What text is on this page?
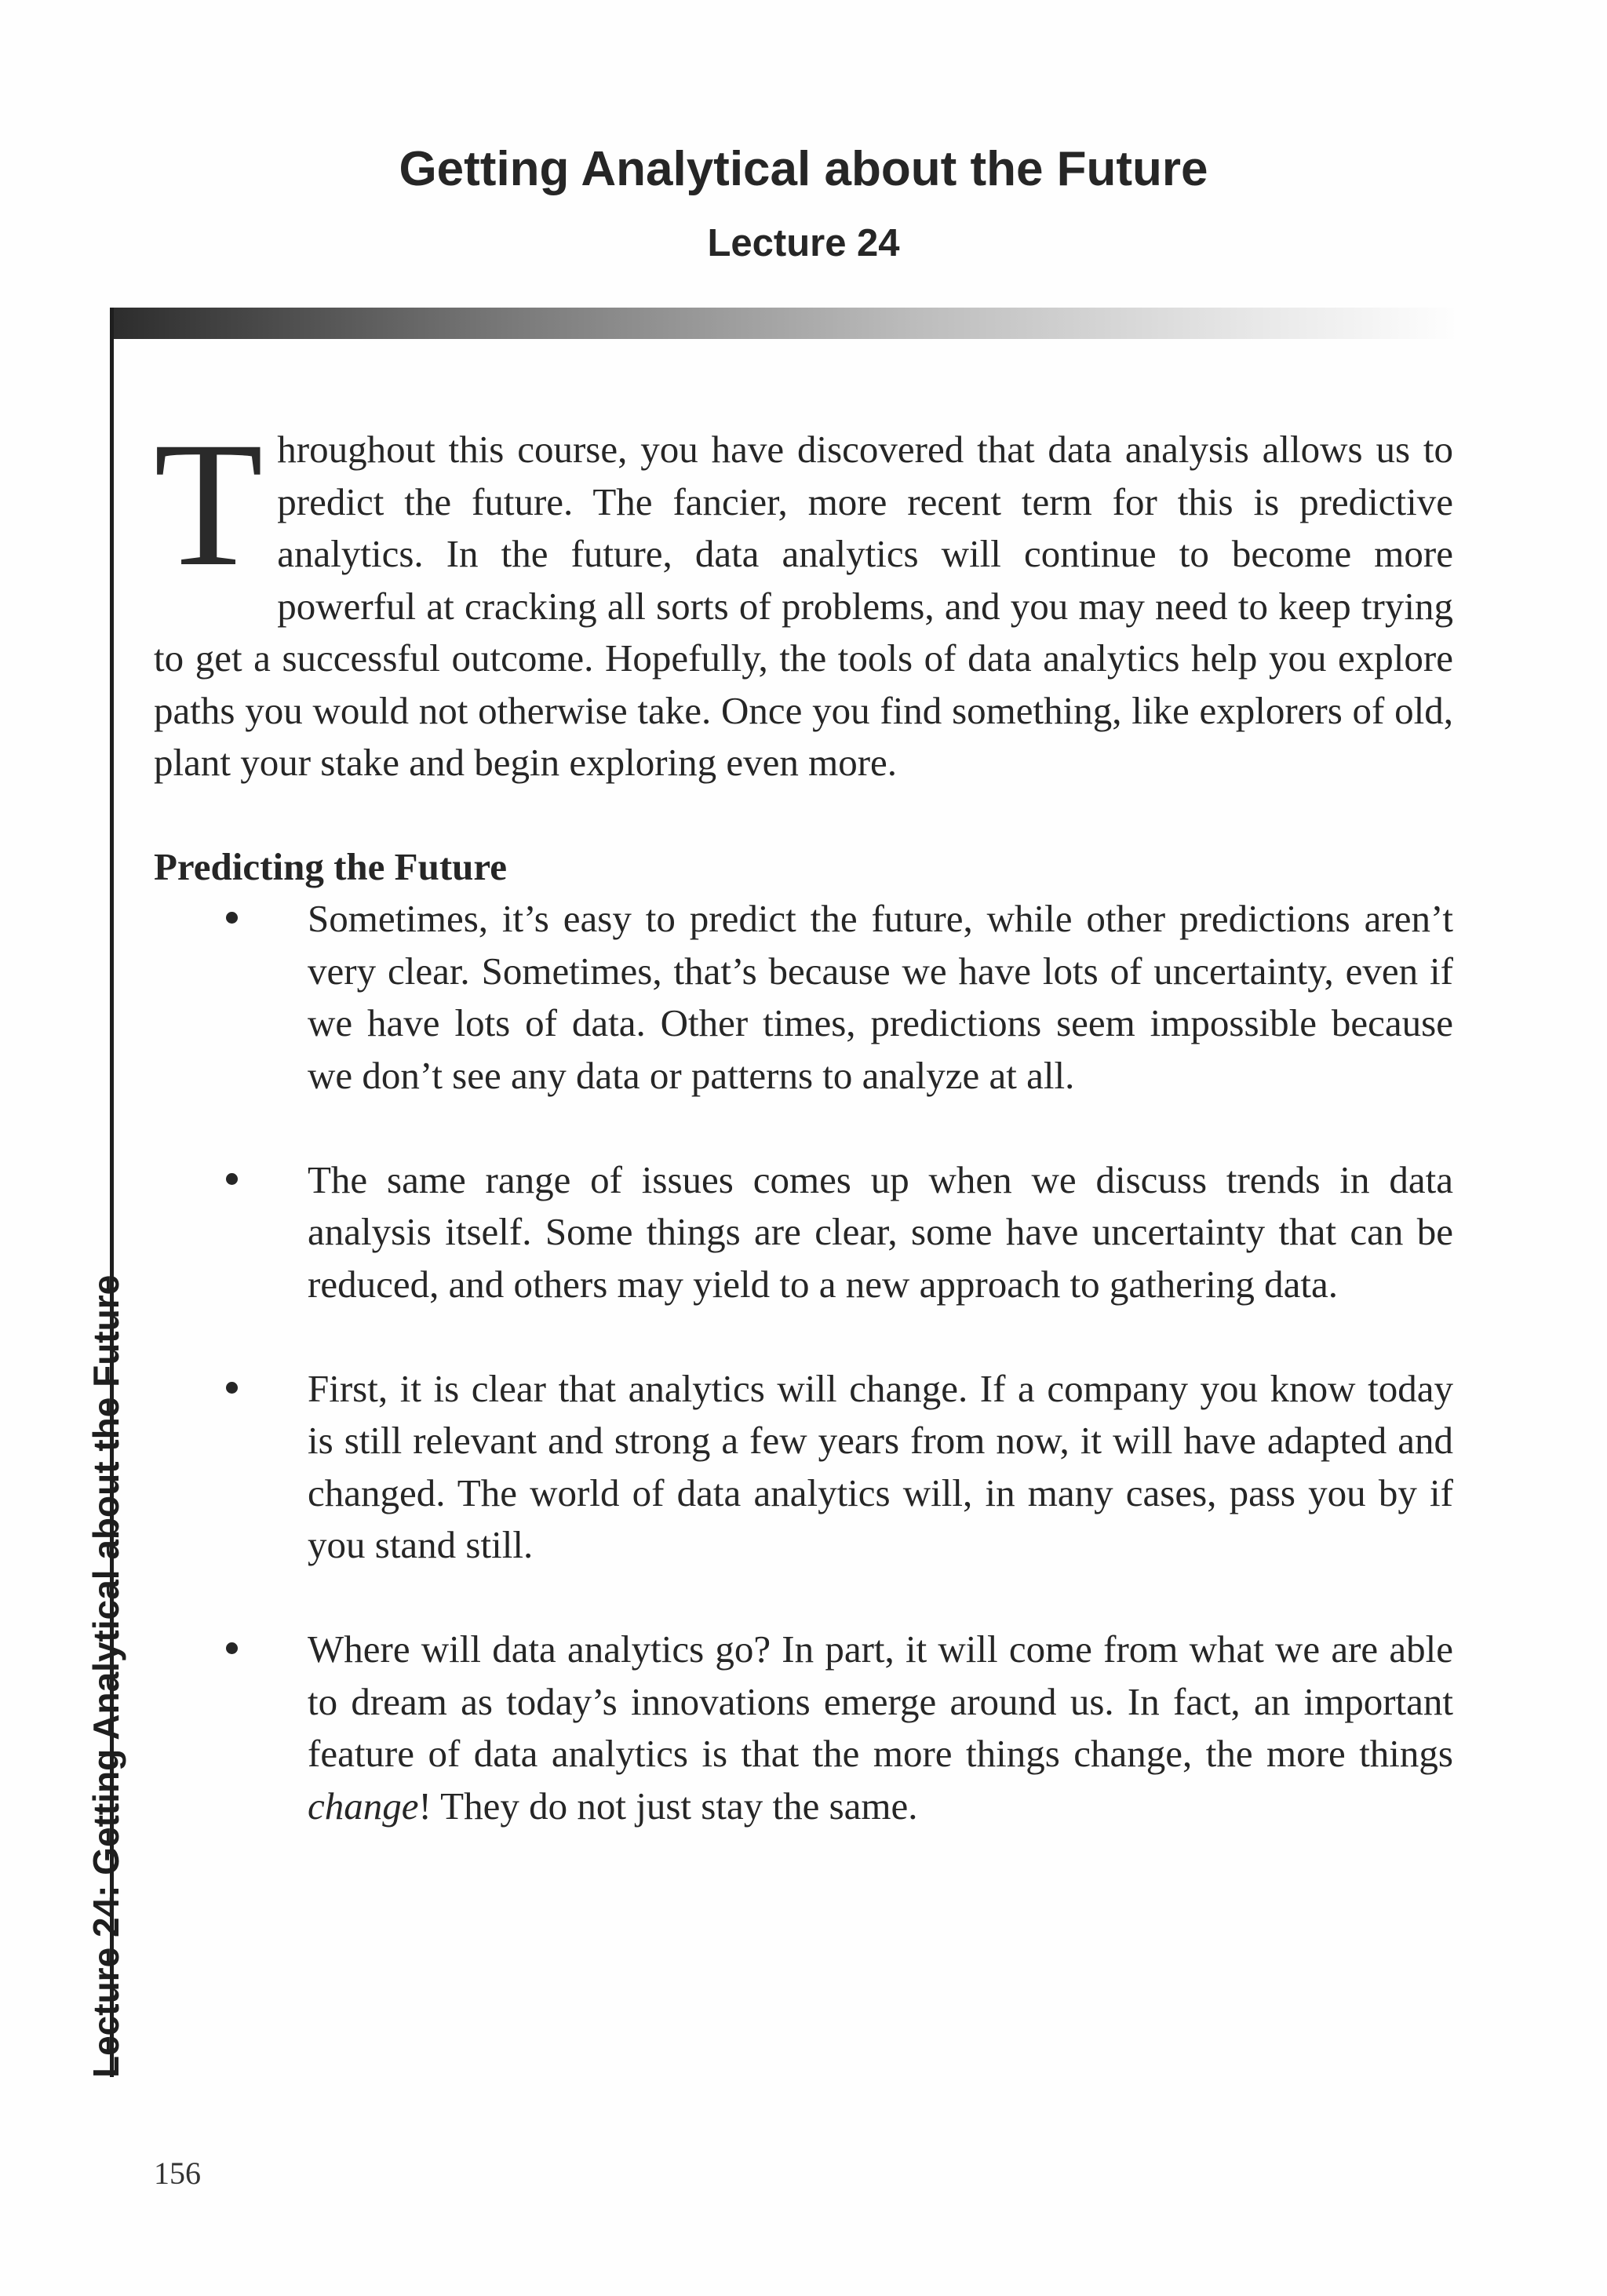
Getting Analytical about the Future
Lecture 24
Lecture 24: Getting Analytical about the Future

Throughout this course, you have discovered that data analysis allows us to predict the future. The fancier, more recent term for this is predictive analytics. In the future, data analytics will continue to become more powerful at cracking all sorts of problems, and you may need to keep trying to get a successful outcome. Hopefully, the tools of data analytics help you explore paths you would not otherwise take. Once you find something, like explorers of old, plant your stake and begin exploring even more.

Predicting the Future
Sometimes, it’s easy to predict the future, while other predictions aren’t very clear. Sometimes, that’s because we have lots of uncertainty, even if we have lots of data. Other times, predictions seem impossible because we don’t see any data or patterns to analyze at all.
The same range of issues comes up when we discuss trends in data analysis itself. Some things are clear, some have uncertainty that can be reduced, and others may yield to a new approach to gathering data.
First, it is clear that analytics will change. If a company you know today is still relevant and strong a few years from now, it will have adapted and changed. The world of data analytics will, in many cases, pass you by if you stand still.
Where will data analytics go? In part, it will come from what we are able to dream as today’s innovations emerge around us. In fact, an important feature of data analytics is that the more things change, the more things change! They do not just stay the same.
156
